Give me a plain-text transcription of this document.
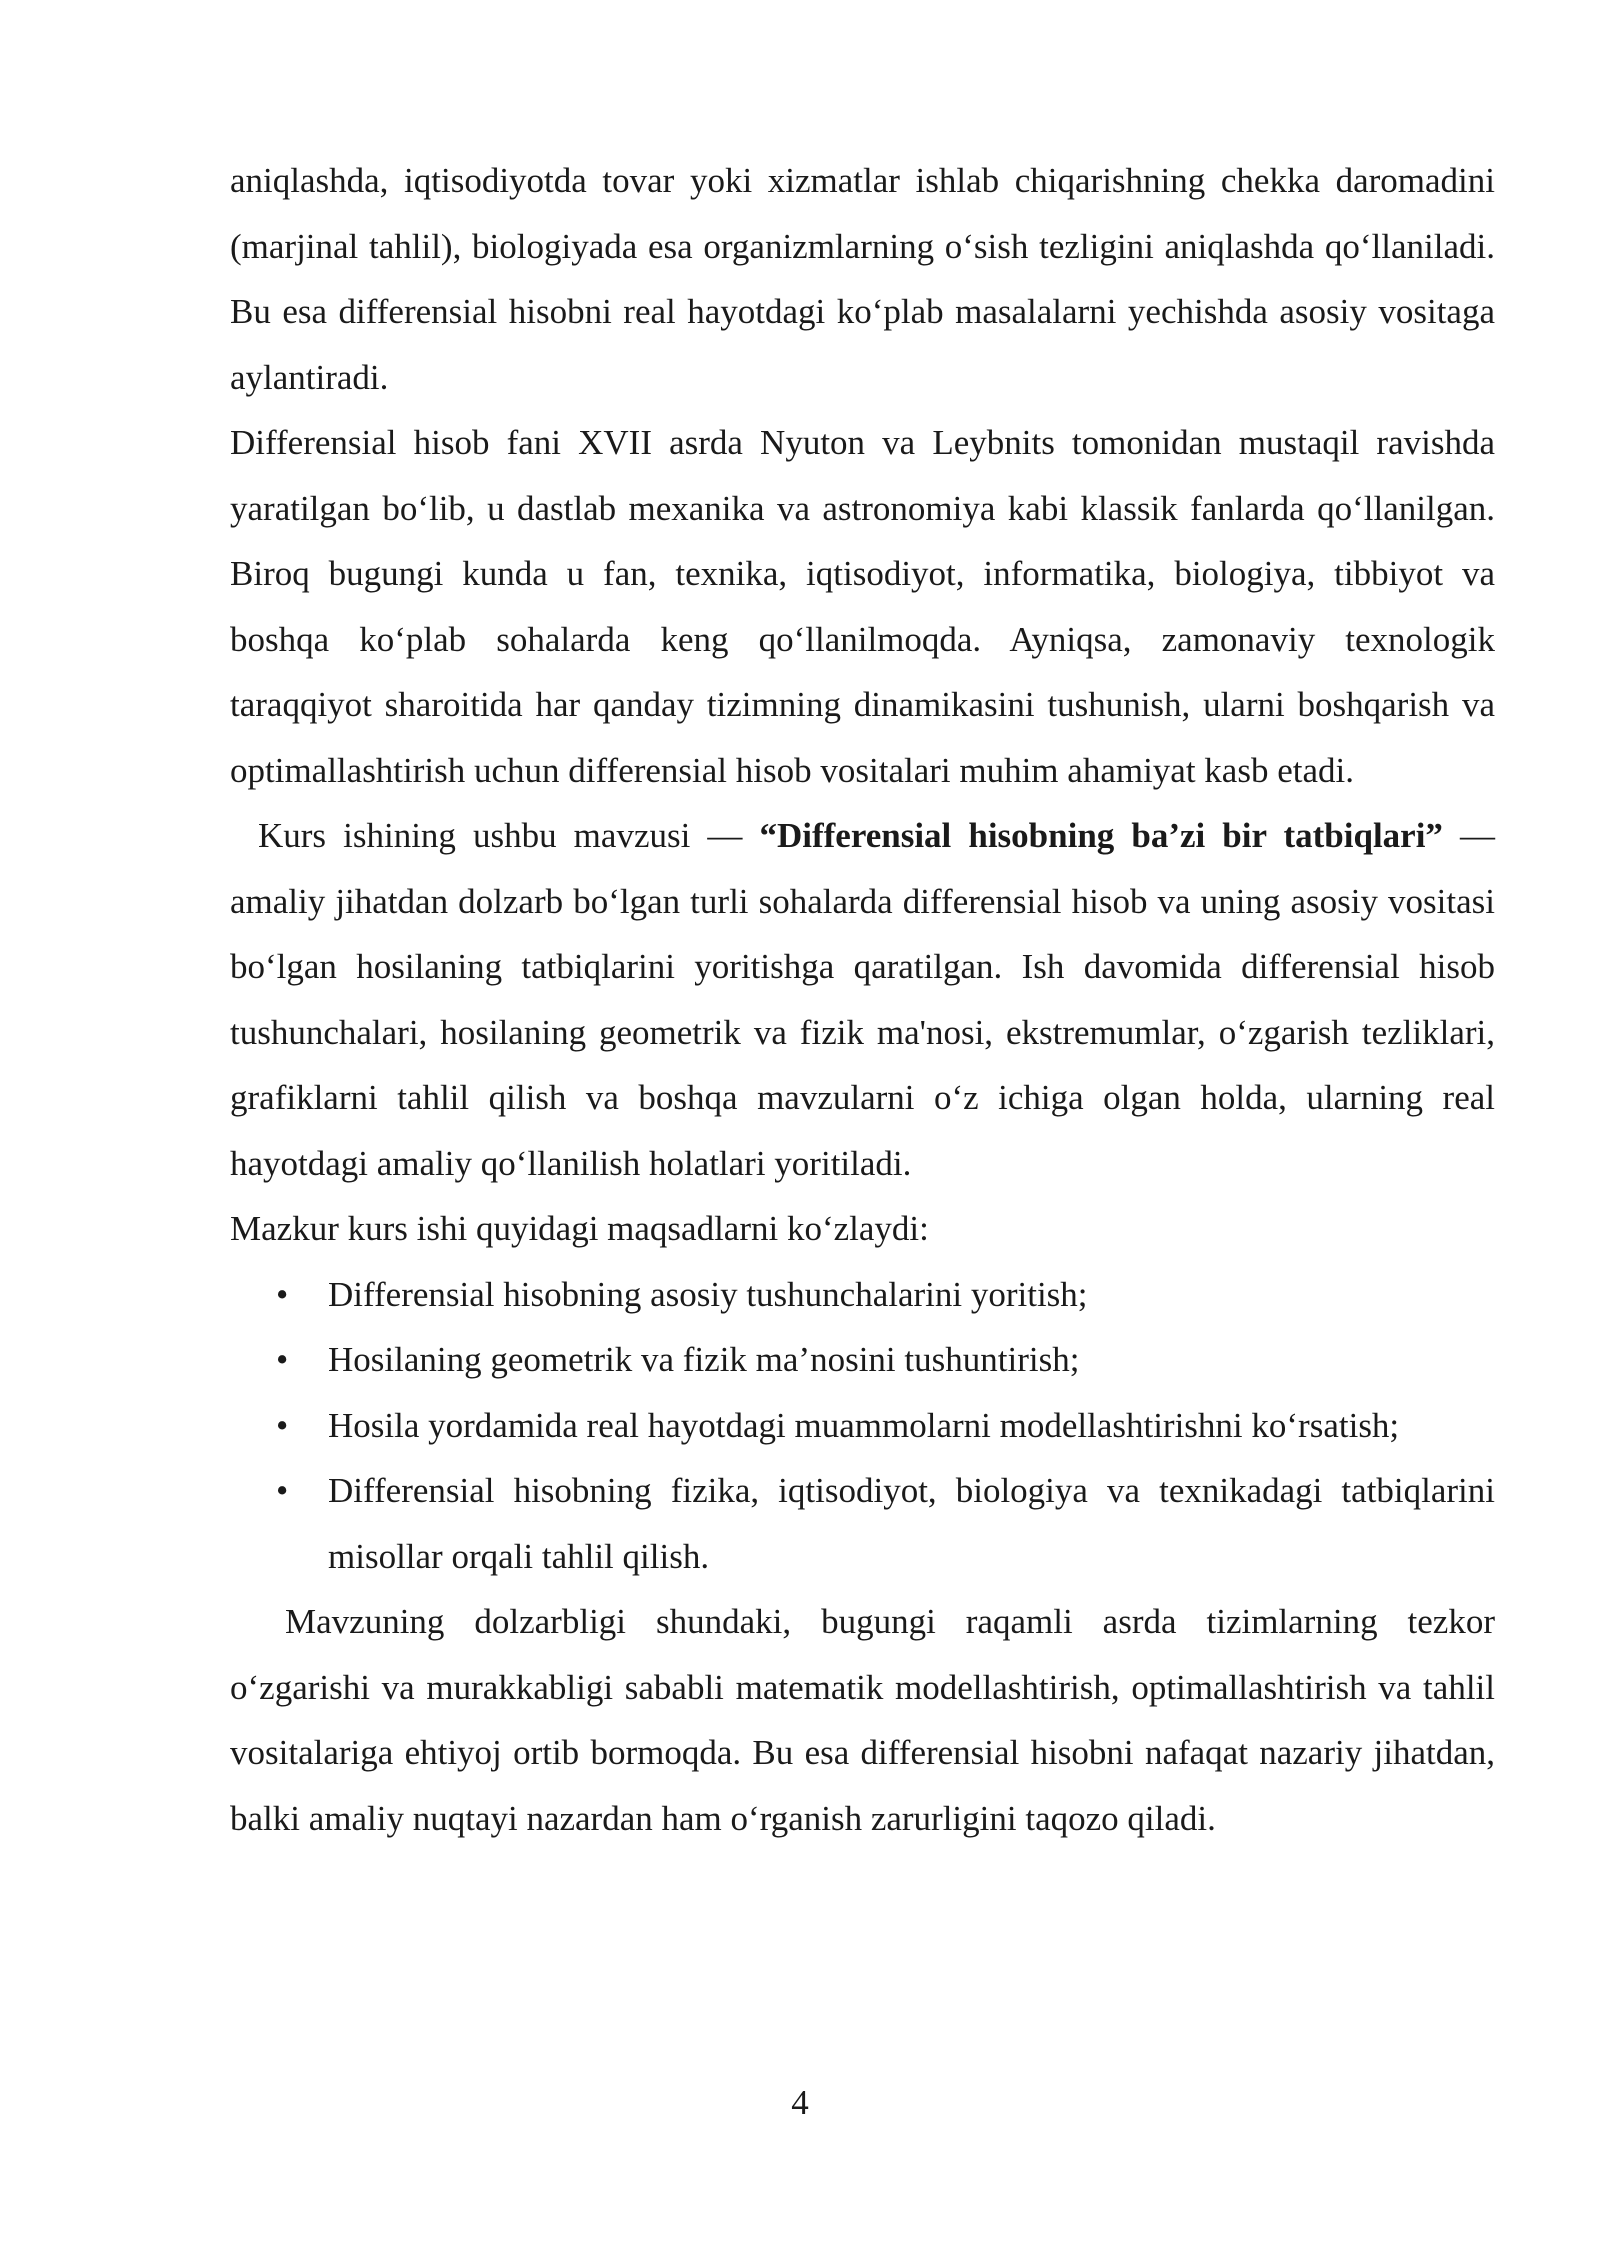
aniqlashda, iqtisodiyotda tovar yoki xizmatlar ishlab chiqarishning chekka daromadini (marjinal tahlil), biologiyada esa organizmlarning o‘sish tezligini aniqlashda qo‘llaniladi. Bu esa differensial hisobni real hayotdagi ko‘plab masalalarni yechishda asosiy vositaga aylantiradi.

Differensial hisob fani XVII asrda Nyuton va Leybnits tomonidan mustaqil ravishda yaratilgan bo‘lib, u dastlab mexanika va astronomiya kabi klassik fanlarda qo‘llanilgan. Biroq bugungi kunda u fan, texnika, iqtisodiyot, informatika, biologiya, tibbiyot va boshqa ko‘plab sohalarda keng qo‘llanilmoqda. Ayniqsa, zamonaviy texnologik taraqqiyot sharoitida har qanday tizimning dinamikasini tushunish, ularni boshqarish va optimallashtirish uchun differensial hisob vositalari muhim ahamiyat kasb etadi.

Kurs ishining ushbu mavzusi — “Differensial hisobning ba’zi bir tatbiqlari” — amaliy jihatdan dolzarb bo‘lgan turli sohalarda differensial hisob va uning asosiy vositasi bo‘lgan hosilaning tatbiqlarini yoritishga qaratilgan. Ish davomida differensial hisob tushunchalari, hosilaning geometrik va fizik ma'nosi, ekstremumlar, o‘zgarish tezliklari, grafiklarni tahlil qilish va boshqa mavzularni o‘z ichiga olgan holda, ularning real hayotdagi amaliy qo‘llanilish holatlari yoritiladi.

Mazkur kurs ishi quyidagi maqsadlarni ko‘zlaydi:

• Differensial hisobning asosiy tushunchalarini yoritish;
• Hosilaning geometrik va fizik ma’nosini tushuntirish;
• Hosila yordamida real hayotdagi muammolarni modellashtirishni ko‘rsatish;
• Differensial hisobning fizika, iqtisodiyot, biologiya va texnikadagi tatbiqlarini misollar orqali tahlil qilish.

Mavzuning dolzarbligi shundaki, bugungi raqamli asrda tizimlarning tezkor o‘zgarishi va murakkabligi sababli matematik modellashtirish, optimallashtirish va tahlil vositalariga ehtiyoj ortib bormoqda. Bu esa differensial hisobni nafaqat nazariy jihatdan, balki amaliy nuqtayi nazardan ham o‘rganish zarurligini taqozo qiladi.

4
